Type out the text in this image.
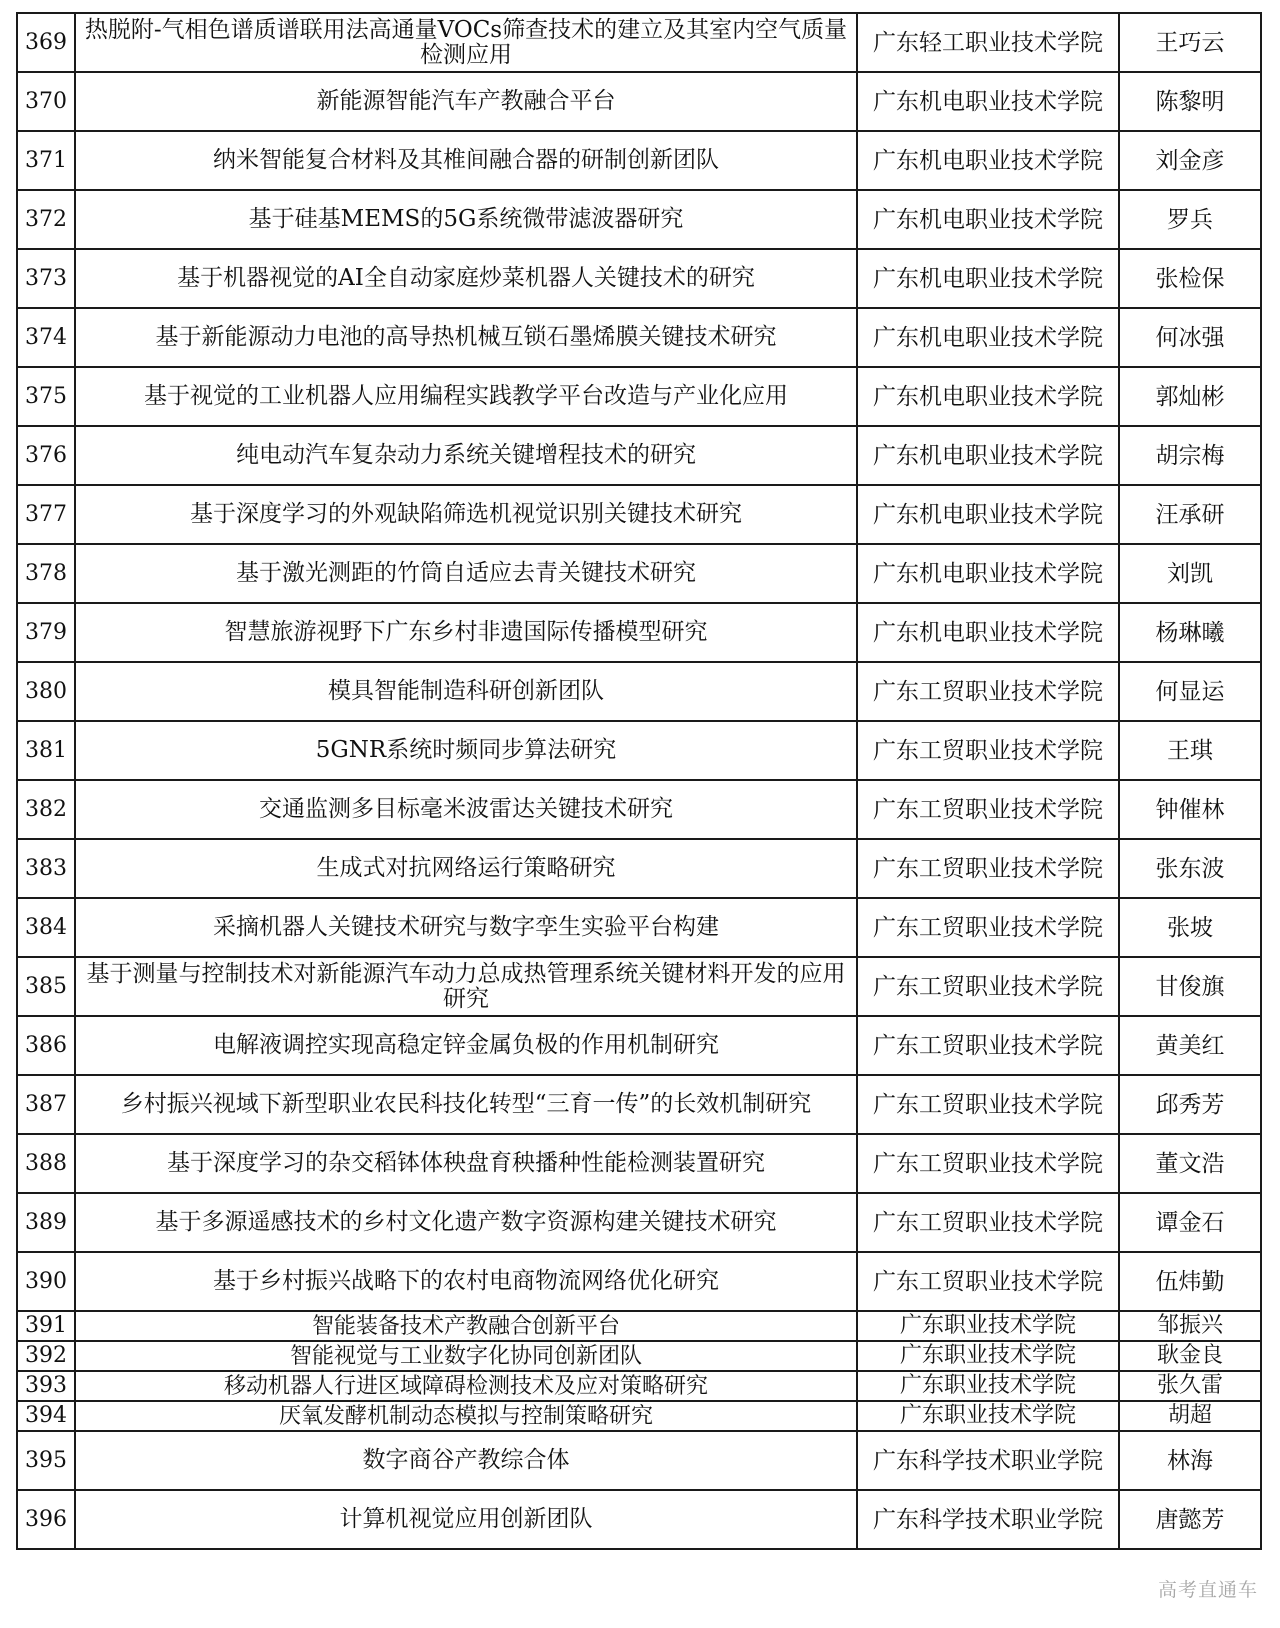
369	热脱附-气相色谱质谱联用法高通量VOCs筛查技术的建立及其室内空气质量检测应用	广东轻工职业技术学院	王巧云
370	新能源智能汽车产教融合平台	广东机电职业技术学院	陈黎明
371	纳米智能复合材料及其椎间融合器的研制创新团队	广东机电职业技术学院	刘金彦
372	基于硅基MEMS的5G系统微带滤波器研究	广东机电职业技术学院	罗兵
373	基于机器视觉的AI全自动家庭炒菜机器人关键技术的研究	广东机电职业技术学院	张检保
374	基于新能源动力电池的高导热机械互锁石墨烯膜关键技术研究	广东机电职业技术学院	何冰强
375	基于视觉的工业机器人应用编程实践教学平台改造与产业化应用	广东机电职业技术学院	郭灿彬
376	纯电动汽车复杂动力系统关键增程技术的研究	广东机电职业技术学院	胡宗梅
377	基于深度学习的外观缺陷筛选机视觉识别关键技术研究	广东机电职业技术学院	汪承研
378	基于激光测距的竹筒自适应去青关键技术研究	广东机电职业技术学院	刘凯
379	智慧旅游视野下广东乡村非遗国际传播模型研究	广东机电职业技术学院	杨琳曦
380	模具智能制造科研创新团队	广东工贸职业技术学院	何显运
381	5GNR系统时频同步算法研究	广东工贸职业技术学院	王琪
382	交通监测多目标毫米波雷达关键技术研究	广东工贸职业技术学院	钟催林
383	生成式对抗网络运行策略研究	广东工贸职业技术学院	张东波
384	采摘机器人关键技术研究与数字孪生实验平台构建	广东工贸职业技术学院	张坡
385	基于测量与控制技术对新能源汽车动力总成热管理系统关键材料开发的应用研究	广东工贸职业技术学院	甘俊旗
386	电解液调控实现高稳定锌金属负极的作用机制研究	广东工贸职业技术学院	黄美红
387	乡村振兴视域下新型职业农民科技化转型“三育一传”的长效机制研究	广东工贸职业技术学院	邱秀芳
388	基于深度学习的杂交稻钵体秧盘育秧播种性能检测装置研究	广东工贸职业技术学院	董文浩
389	基于多源遥感技术的乡村文化遗产数字资源构建关键技术研究	广东工贸职业技术学院	谭金石
390	基于乡村振兴战略下的农村电商物流网络优化研究	广东工贸职业技术学院	伍炜勤
391	智能装备技术产教融合创新平台	广东职业技术学院	邹振兴
392	智能视觉与工业数字化协同创新团队	广东职业技术学院	耿金良
393	移动机器人行进区域障碍检测技术及应对策略研究	广东职业技术学院	张久雷
394	厌氧发酵机制动态模拟与控制策略研究	广东职业技术学院	胡超
395	数字商谷产教综合体	广东科学技术职业学院	林海
396	计算机视觉应用创新团队	广东科学技术职业学院	唐懿芳
高考直通车
